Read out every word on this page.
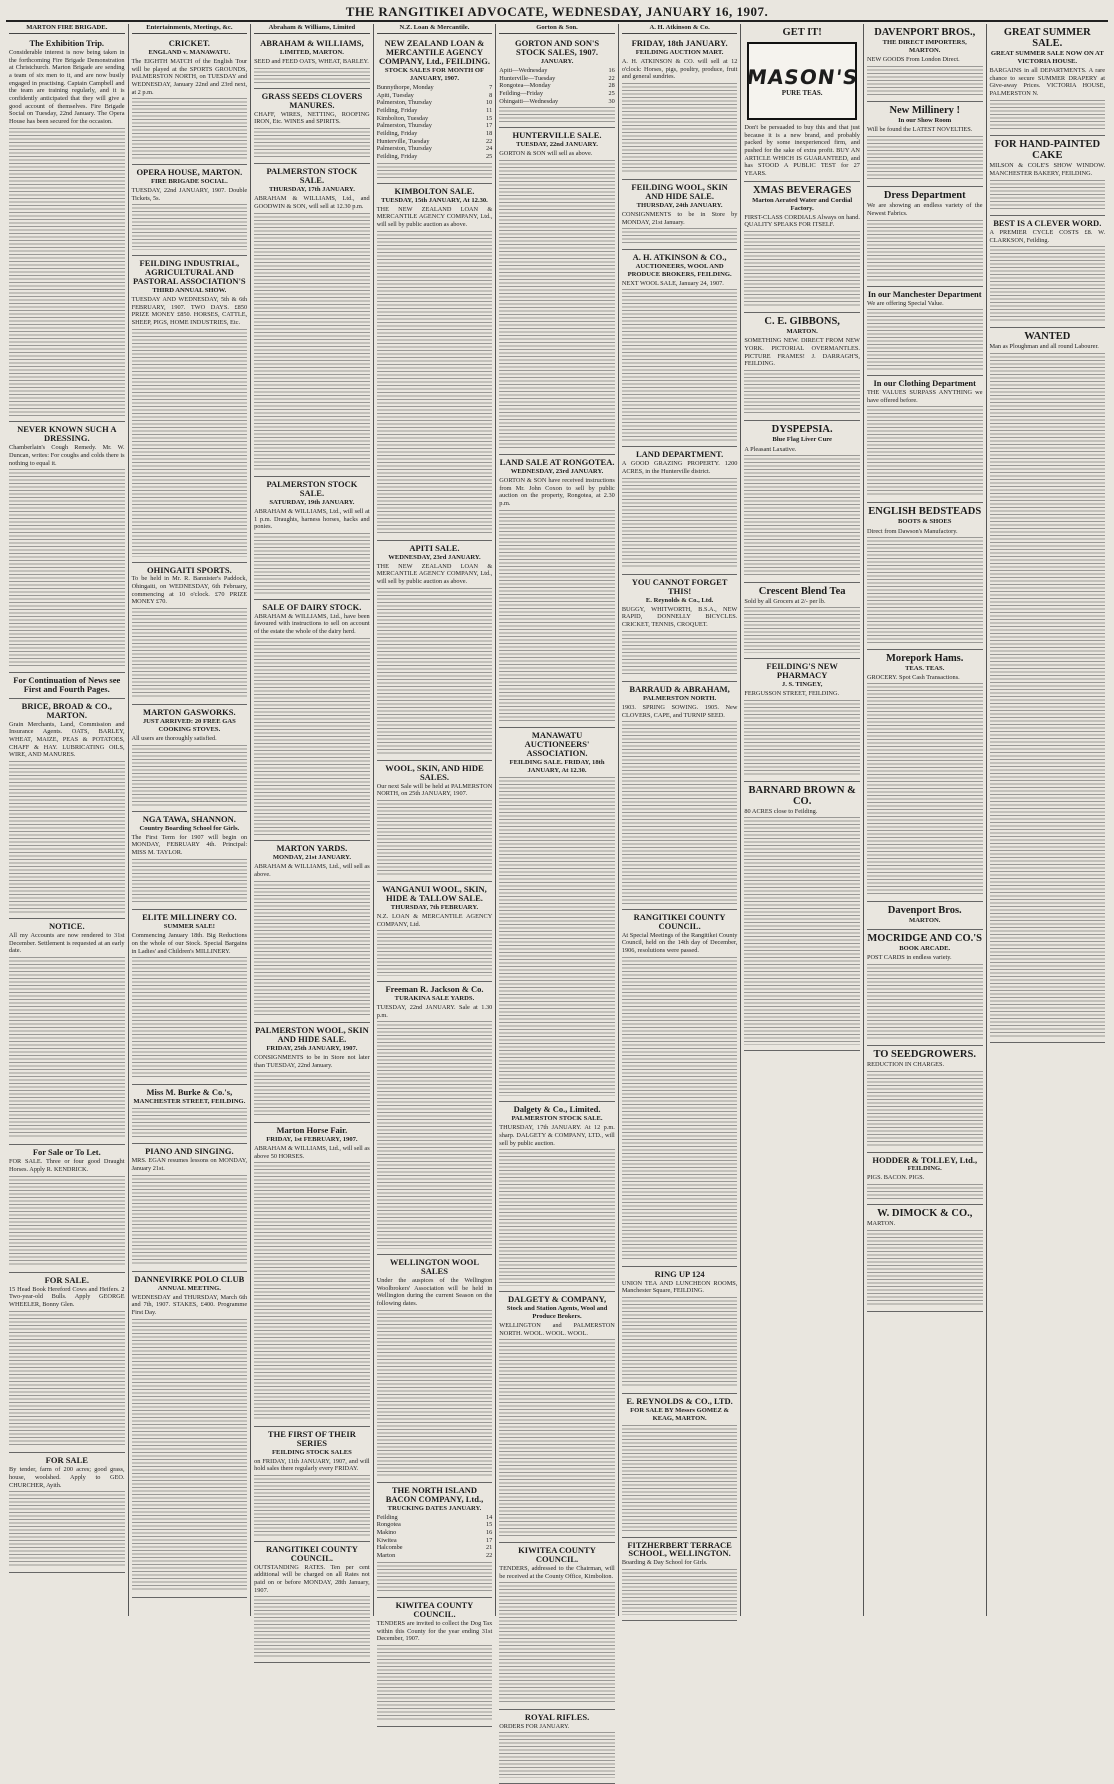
THE RANGITIKEI ADVOCATE, WEDNESDAY, JANUARY 16, 1907.
MARTON FIRE BRIGADE.
The Exhibition Trip.
Considerable interest is now being taken in the forthcoming Fire Brigade Demonstration at Christchurch. Marton Brigade are sending a team of six men to it, and are now busily engaged in practising. Captain Campbell and the team are training regularly, and it is confidently anticipated that they will give a good account of themselves. Fire Brigade Social on Tuesday, 22nd January. The Opera House has been secured for the occasion.
NEVER KNOWN SUCH A DRESSING.
Chamberlain's Cough Remedy. Mr. W. Duncan, writes: For coughs and colds there is nothing to equal it.
For Continuation of News see First and Fourth Pages.
BRICE, BROAD & CO., MARTON.
Grain Merchants, Land, Commission and Insurance Agents. OATS, BARLEY, WHEAT, MAIZE, PEAS & POTATOES, CHAFF & HAY. LUBRICATING OILS, WIRE, AND MANURES.
NOTICE.
All my Accounts are now rendered to 31st December. Settlement is requested at an early date.
For Sale or To Let.
FOR SALE. Three or four good Draught Horses. Apply R. KENDRICK.
FOR SALE.
15 Head Book Hereford Cows and Heifers. 2 Two-year-old Bulls. Apply GEORGE WHEELER, Bonny Glen.
FOR SALE
By tender, farm of 200 acres; good grass, house, woolshed. Apply to GEO. CHURCHER, Ayith.
Entertainments, Meetings, &c.
CRICKET.
ENGLAND v. MANAWATU.
The EIGHTH MATCH of the English Tour will be played at the SPORTS GROUNDS, PALMERSTON NORTH, on TUESDAY and WEDNESDAY, January 22nd and 23rd next, at 2 p.m.
OPERA HOUSE, MARTON.
FIRE BRIGADE SOCIAL.
TUESDAY, 22nd JANUARY, 1907. Double Tickets, 5s.
FEILDING INDUSTRIAL, AGRICULTURAL AND PASTORAL ASSOCIATION'S
THIRD ANNUAL SHOW.
TUESDAY AND WEDNESDAY, 5th & 6th FEBRUARY, 1907. TWO DAYS. £850 PRIZE MONEY £850. HORSES, CATTLE, SHEEP, PIGS, HOME INDUSTRIES, Etc.
OHINGAITI SPORTS.
To be held in Mr. R. Bannister's Paddock, Ohingaiti, on WEDNESDAY, 6th February, commencing at 10 o'clock. £70 PRIZE MONEY £70.
MARTON GASWORKS.
JUST ARRIVED: 20 FREE GAS COOKING STOVES.
All users are thoroughly satisfied.
NGA TAWA, SHANNON.
Country Boarding School for Girls.
The First Term for 1907 will begin on MONDAY, FEBRUARY 4th. Principal: MISS M. TAYLOR.
ELITE MILLINERY CO.
SUMMER SALE!
Commencing January 18th. Big Reductions on the whole of our Stock. Special Bargains in Ladies' and Children's MILLINERY.
Miss M. Burke & Co.'s,
MANCHESTER STREET, FEILDING.
PIANO AND SINGING.
MRS. EGAN resumes lessons on MONDAY, January 21st.
DANNEVIRKE POLO CLUB
ANNUAL MEETING.
WEDNESDAY and THURSDAY, March 6th and 7th, 1907. STAKES, £400. Programme First Day.
Abraham & Williams, Limited
ABRAHAM & WILLIAMS,
LIMITED, MARTON.
SEED and FEED OATS, WHEAT, BARLEY.
GRASS SEEDS CLOVERS MANURES.
CHAFF, WIRES, NETTING, ROOFING IRON, Etc. WINES and SPIRITS.
PALMERSTON STOCK SALE.
THURSDAY, 17th JANUARY.
ABRAHAM & WILLIAMS, Ltd., and GOODWIN & SON, will sell at 12.30 p.m.
PALMERSTON STOCK SALE.
SATURDAY, 19th JANUARY.
ABRAHAM & WILLIAMS, Ltd., will sell at 1 p.m. Draughts, harness horses, hacks and ponies.
SALE OF DAIRY STOCK.
ABRAHAM & WILLIAMS, Ltd., have been favoured with instructions to sell on account of the estate the whole of the dairy herd.
MARTON YARDS.
MONDAY, 21st JANUARY.
ABRAHAM & WILLIAMS, Ltd., will sell as above.
PALMERSTON WOOL, SKIN AND HIDE SALE.
FRIDAY, 25th JANUARY, 1907.
CONSIGNMENTS to be in Store not later than TUESDAY, 22nd January.
Marton Horse Fair.
FRIDAY, 1st FEBRUARY, 1907.
ABRAHAM & WILLIAMS, Ltd., will sell as above 50 HORSES.
THE FIRST OF THEIR SERIES
FEILDING STOCK SALES
on FRIDAY, 11th JANUARY, 1907, and will hold sales there regularly every FRIDAY.
RANGITIKEI COUNTY COUNCIL.
OUTSTANDING RATES. Ten per cent additional will be charged on all Rates not paid on or before MONDAY, 28th January, 1907.
N.Z. Loan & Mercantile.
NEW ZEALAND LOAN & MERCANTILE AGENCY COMPANY, Ltd., FEILDING.
STOCK SALES FOR MONTH OF JANUARY, 1907.
Bunnythorpe, Monday	7
Apiti, Tuesday	8
Palmerston, Thursday	10
Feilding, Friday	11
Kimbolton, Tuesday	15
Palmerston, Thursday	17
Feilding, Friday	18
Hunterville, Tuesday	22
Palmerston, Thursday	24
Feilding, Friday	25
KIMBOLTON SALE.
TUESDAY, 15th JANUARY, At 12.30.
THE NEW ZEALAND LOAN & MERCANTILE AGENCY COMPANY, Ltd., will sell by public auction as above.
APITI SALE.
WEDNESDAY, 23rd JANUARY.
THE NEW ZEALAND LOAN & MERCANTILE AGENCY COMPANY, Ltd., will sell by public auction as above.
WOOL, SKIN, AND HIDE SALES.
Our next Sale will be held at PALMERSTON NORTH, on 25th JANUARY, 1907.
WANGANUI WOOL, SKIN, HIDE & TALLOW SALE.
THURSDAY, 7th FEBRUARY.
N.Z. LOAN & MERCANTILE AGENCY COMPANY, Ltd.
Freeman R. Jackson & Co.
TURAKINA SALE YARDS.
TUESDAY, 22nd JANUARY. Sale at 1.30 p.m.
WELLINGTON WOOL SALES
Under the auspices of the Wellington Woolbrokers' Association will be held in Wellington during the current Season on the following dates.
THE NORTH ISLAND BACON COMPANY, Ltd.,
TRUCKING DATES JANUARY.
Feilding	14
Rongotea	15
Makino	16
Kiwitea	17
Halcombe	21
Marton	22
KIWITEA COUNTY COUNCIL.
TENDERS are invited to collect the Dog Tax within this County for the year ending 31st December, 1907.
Gorton & Son.
GORTON AND SON'S STOCK SALES, 1907.
JANUARY.
Apiti—Wednesday	16
Hunterville—Tuesday	22
Rongotea—Monday	28
Feilding—Friday	25
Ohingaiti—Wednesday	30
HUNTERVILLE SALE.
TUESDAY, 22nd JANUARY.
GORTON & SON will sell as above.
LAND SALE AT RONGOTEA.
WEDNESDAY, 23rd JANUARY.
GORTON & SON have received instructions from Mr. John Coxon to sell by public auction on the property, Rongotea, at 2.30 p.m.
MANAWATU AUCTIONEERS' ASSOCIATION.
FEILDING SALE. FRIDAY, 18th JANUARY, At 12.30.
Dalgety & Co., Limited.
PALMERSTON STOCK SALE.
THURSDAY, 17th JANUARY. At 12 p.m. sharp. DALGETY & COMPANY, LTD., will sell by public auction.
DALGETY & COMPANY,
Stock and Station Agents, Wool and Produce Brokers.
WELLINGTON and PALMERSTON NORTH. WOOL. WOOL. WOOL.
KIWITEA COUNTY COUNCIL.
TENDERS, addressed to the Chairman, will be received at the County Office, Kimbolton.
ROYAL RIFLES.
ORDERS FOR JANUARY.
A. H. Atkinson & Co.
FRIDAY, 18th JANUARY.
FEILDING AUCTION MART.
A. H. ATKINSON & CO. will sell at 12 o'clock: Horses, pigs, poultry, produce, fruit and general sundries.
FEILDING WOOL, SKIN AND HIDE SALE.
THURSDAY, 24th JANUARY.
CONSIGNMENTS to be in Store by MONDAY, 21st January.
A. H. ATKINSON & CO.,
AUCTIONEERS, WOOL AND PRODUCE BROKERS, FEILDING.
NEXT WOOL SALE, January 24, 1907.
LAND DEPARTMENT.
A GOOD GRAZING PROPERTY. 1200 ACRES, in the Hunterville district.
YOU CANNOT FORGET THIS!
E. Reynolds & Co., Ltd.
BUGGY, WHITWORTH, B.S.A., NEW RAPID, DONNELLY BICYCLES. CRICKET, TENNIS, CROQUET.
BARRAUD & ABRAHAM,
PALMERSTON NORTH.
1903. SPRING SOWING. 1905. New CLOVERS, CAPE, and TURNIP SEED.
RANGITIKEI COUNTY COUNCIL.
At Special Meetings of the Rangitikei County Council, held on the 14th day of December, 1906, resolutions were passed.
RING UP 124
UNION TEA AND LUNCHEON ROOMS, Manchester Square, FEILDING.
E. REYNOLDS & CO., LTD.
FOR SALE BY Messrs GOMEZ & KEAG, MARTON.
FITZHERBERT TERRACE SCHOOL, WELLINGTON.
Boarding & Day School for Girls.
GET IT!
MASON'S
PURE TEAS.
Don't be persuaded to buy this and that just because it is a new brand, and probably packed by some inexperienced firm, and pushed for the sake of extra profit. BUY AN ARTICLE WHICH IS GUARANTEED, and has STOOD A PUBLIC TEST for 27 YEARS.
XMAS BEVERAGES
Marton Aerated Water and Cordial Factory.
FIRST-CLASS CORDIALS Always on hand. QUALITY SPEAKS FOR ITSELF.
C. E. GIBBONS,
MARTON.
SOMETHING NEW. DIRECT FROM NEW YORK. PICTORIAL OVERMANTLES. PICTURE FRAMES! J. DARRAGH'S, FEILDING.
DYSPEPSIA.
Blue Flag Liver Cure
A Pleasant Laxative.
Crescent Blend Tea
Sold by all Grocers at 2/- per lb.
FEILDING'S NEW PHARMACY
J. S. TINGEY,
FERGUSSON STREET, FEILDING.
BARNARD BROWN & CO.
80 ACRES close to Feilding.
DAVENPORT BROS.,
THE DIRECT IMPORTERS, MARTON.
NEW GOODS From London Direct.
New Millinery !
In our Show Room
Will be found the LATEST NOVELTIES.
Dress Department
We are showing an endless variety of the Newest Fabrics.
In our Manchester Department
We are offering Special Value.
In our Clothing Department
THE VALUES SURPASS ANYTHING we have offered before.
ENGLISH BEDSTEADS
BOOTS & SHOES
Direct from Dawson's Manufactory.
Morepork Hams.
TEAS. TEAS.
GROCERY. Spot Cash Transactions.
Davenport Bros.
MARTON.
MOCRIDGE AND CO.'S
BOOK ARCADE.
POST CARDS in endless variety.
TO SEEDGROWERS.
REDUCTION IN CHARGES.
HODDER & TOLLEY, Ltd.,
FEILDING.
PIGS. BACON. PIGS.
W. DIMOCK & CO.,
MARTON.
GREAT SUMMER SALE.
GREAT SUMMER SALE NOW ON AT VICTORIA HOUSE.
BARGAINS in all DEPARTMENTS. A rare chance to secure SUMMER DRAPERY at Give-away Prices. VICTORIA HOUSE, PALMERSTON N.
FOR HAND-PAINTED CAKE
MILSON & COLE'S SHOW WINDOW. MANCHESTER BAKERY, FEILDING.
BEST IS A CLEVER WORD.
A PREMIER CYCLE COSTS £8. W. CLARKSON, Feilding.
WANTED
Man as Ploughman and all round Labourer.
